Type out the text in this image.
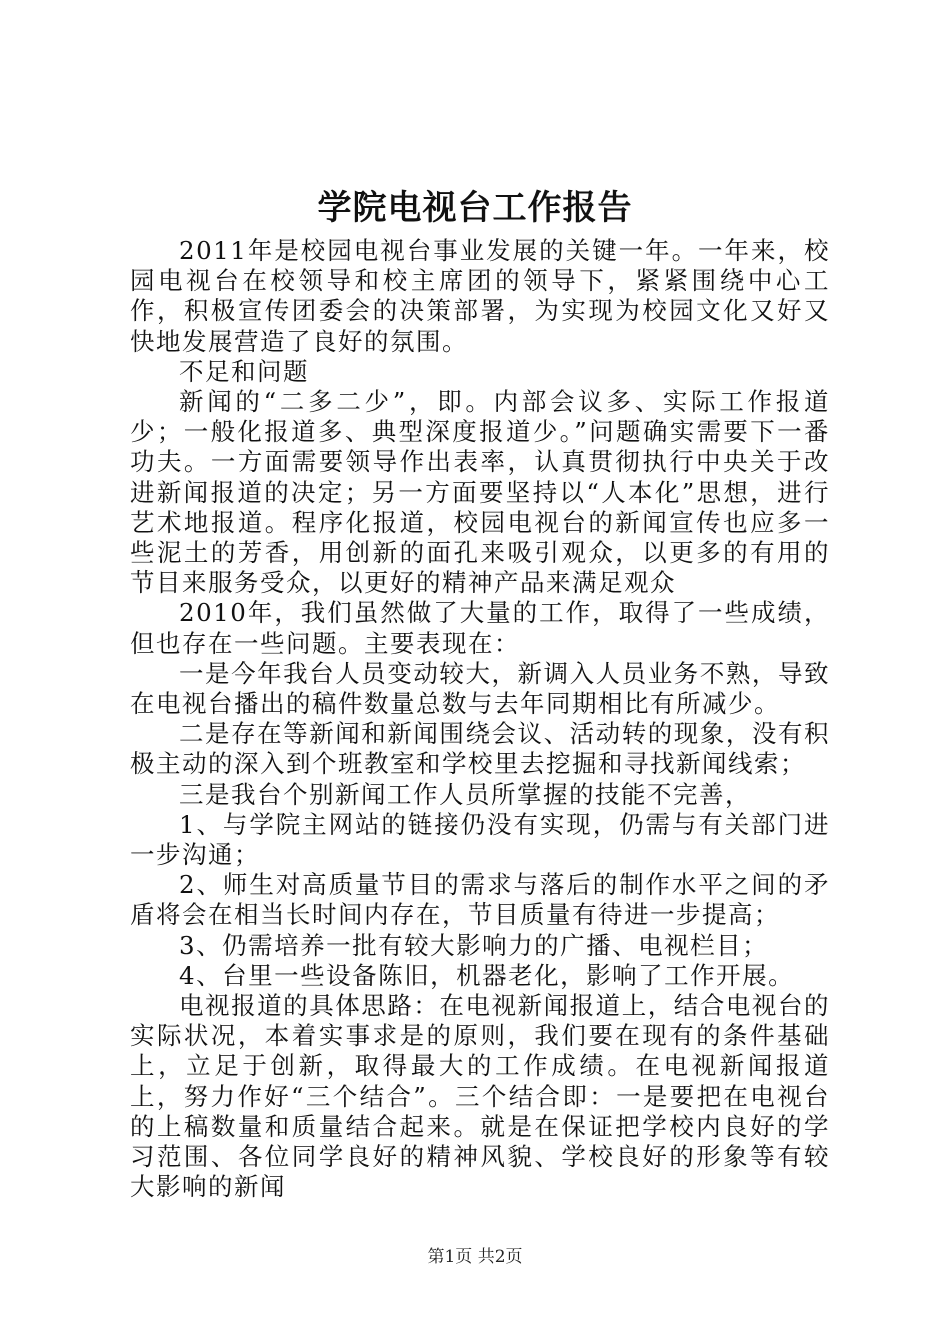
学院电视台工作报告

2011年是校园电视台事业发展的关键一年。一年来，校园电视台在校领导和校主席团的领导下，紧紧围绕中心工作，积极宣传团委会的决策部署，为实现为校园文化又好又快地发展营造了良好的氛围。

不足和问题

新闻的“二多二少”，即。内部会议多、实际工作报道少；一般化报道多、典型深度报道少。”问题确实需要下一番功夫。一方面需要领导作出表率，认真贯彻执行中央关于改进新闻报道的决定；另一方面要坚持以“人本化”思想，进行艺术地报道。程序化报道，校园电视台的新闻宣传也应多一些泥土的芳香，用创新的面孔来吸引观众，以更多的有用的节目来服务受众，以更好的精神产品来满足观众

2010年，我们虽然做了大量的工作，取得了一些成绩，但也存在一些问题。主要表现在：

一是今年我台人员变动较大，新调入人员业务不熟，导致在电视台播出的稿件数量总数与去年同期相比有所减少。

二是存在等新闻和新闻围绕会议、活动转的现象，没有积极主动的深入到个班教室和学校里去挖掘和寻找新闻线索；

三是我台个别新闻工作人员所掌握的技能不完善，

1、与学院主网站的链接仍没有实现，仍需与有关部门进一步沟通；

2、师生对高质量节目的需求与落后的制作水平之间的矛盾将会在相当长时间内存在，节目质量有待进一步提高；

3、仍需培养一批有较大影响力的广播、电视栏目；

4、台里一些设备陈旧，机器老化，影响了工作开展。

电视报道的具体思路：在电视新闻报道上，结合电视台的实际状况，本着实事求是的原则，我们要在现有的条件基础上，立足于创新，取得最大的工作成绩。在电视新闻报道上，努力作好“三个结合”。三个结合即：一是要把在电视台的上稿数量和质量结合起来。就是在保证把学校内良好的学习范围、各位同学良好的精神风貌、学校良好的形象等有较大影响的新闻

第1页 共2页
